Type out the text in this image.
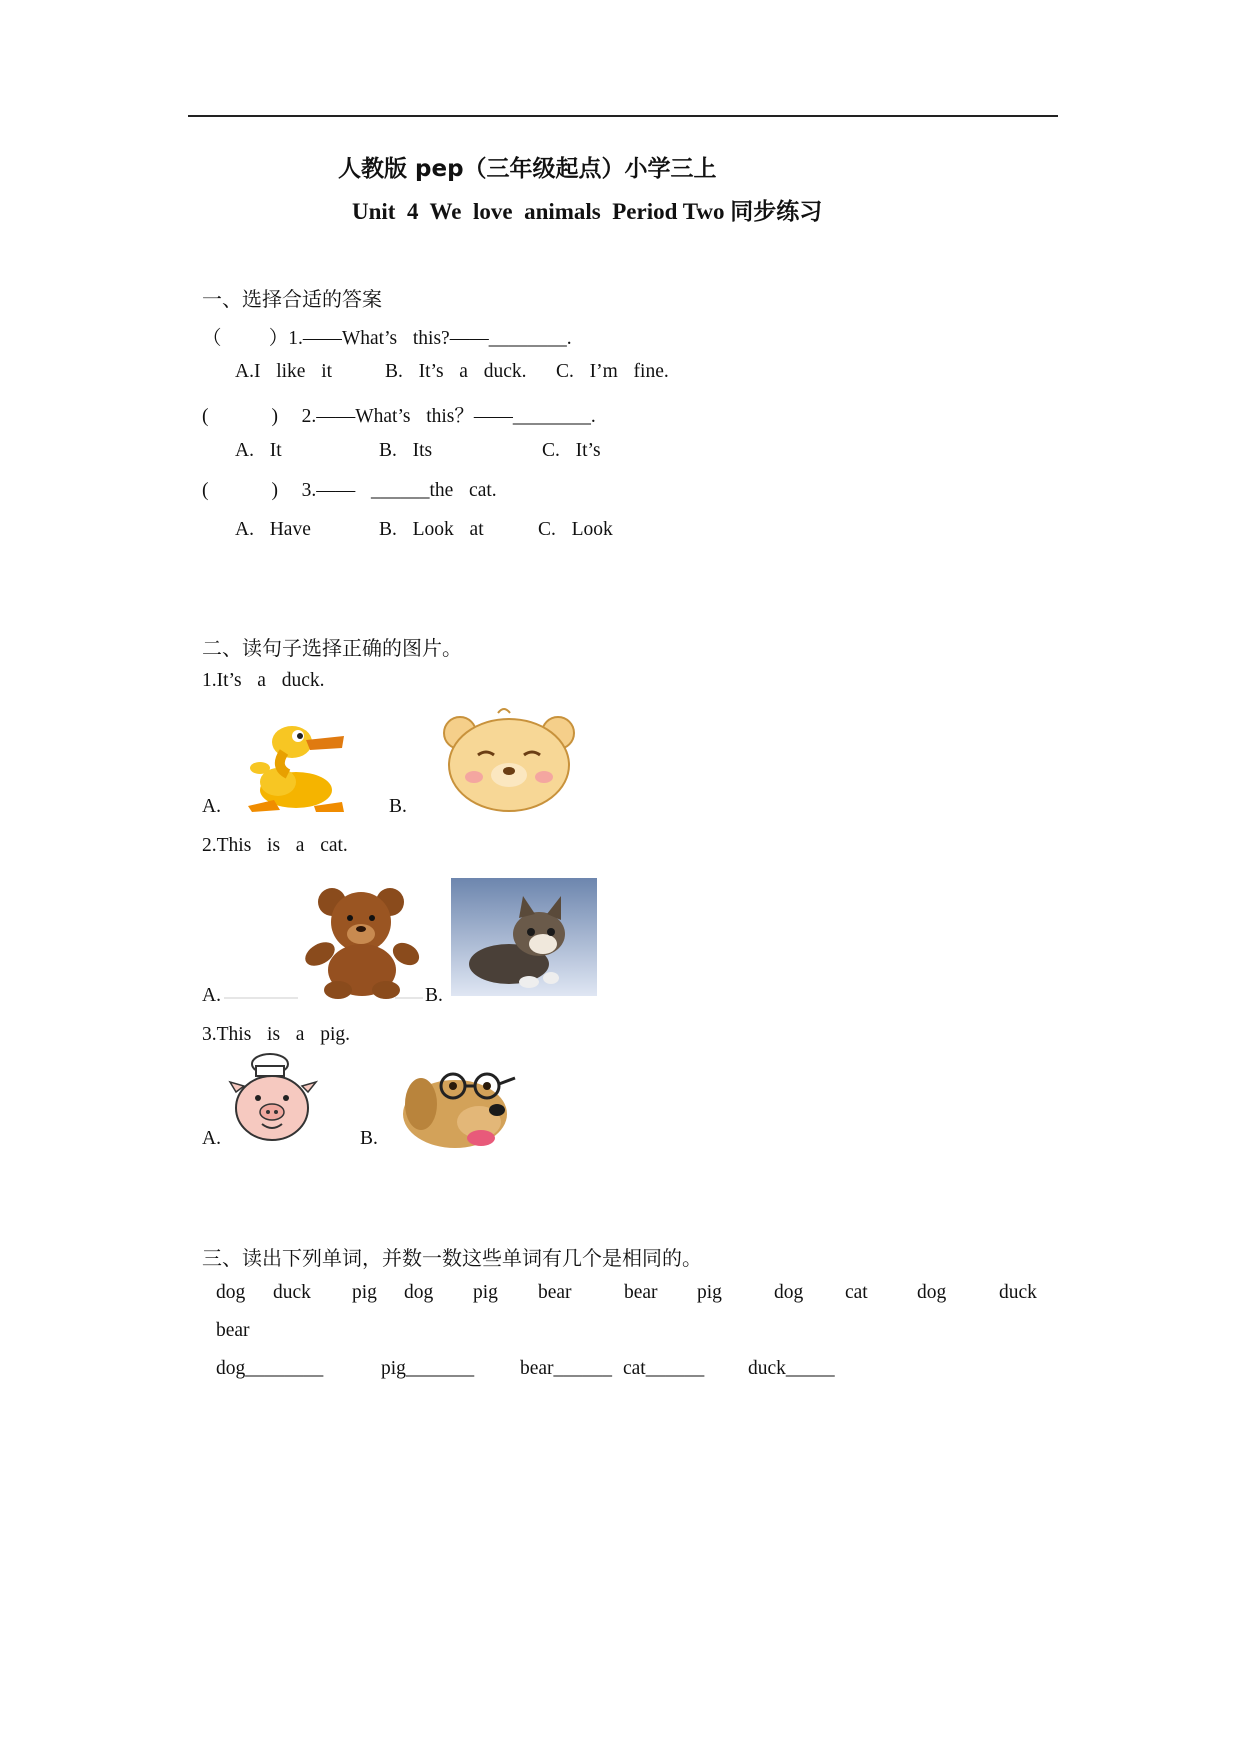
人教版 pep（三年级起点）小学三上
Unit  4  We  love  animals  Period Two 同步练习
一、选择合适的答案
（      ）1.——What’s  this?——________.
A.I  like  it	B.  It’s  a  duck. C.  I’m  fine.
(        )   2.——What’s  this？——________.
A.  It	B.  Its	C.  It’s
(        )   3.——  ______the  cat.
A.  Have	B.  Look  at	C.  Look
二、读句子选择正确的图片。
1.It’s  a  duck.
A.	B.
2.This  is  a  cat.
A.	B.
3.This  is  a  pig.
A.	B.
三、读出下列单词，并数一数这些单词有几个是相同的。
dog duck pig dog pig bear	bear pig	dog cat	dog	duck
bear
dog________	pig_______ bear______ cat______ duck_____
